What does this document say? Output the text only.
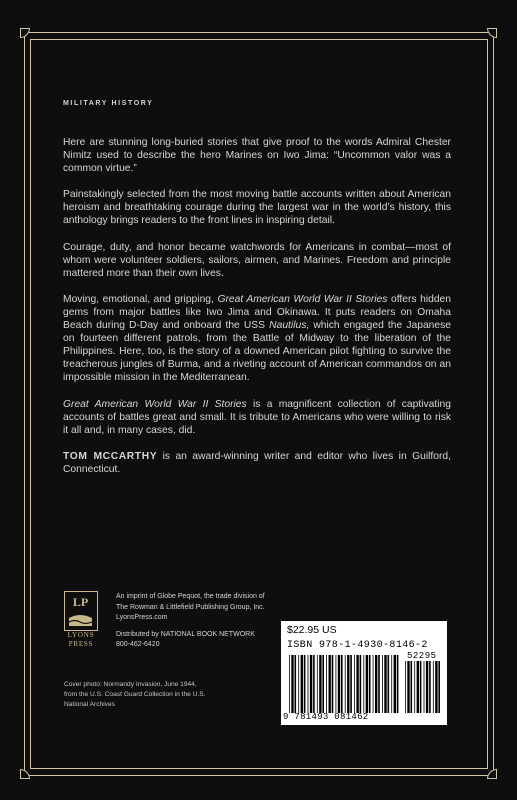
MILITARY HISTORY

Here are stunning long-buried stories that give proof to the words Admiral Chester Nimitz used to describe the hero Marines on Iwo Jima: “Uncommon valor was a common virtue.”

Painstakingly selected from the most moving battle accounts written about American heroism and breathtaking courage during the largest war in the world’s history, this anthology brings readers to the front lines in inspiring detail.

Courage, duty, and honor became watchwords for Americans in combat—most of whom were volunteer soldiers, sailors, airmen, and Marines. Freedom and principle mattered more than their own lives.

Moving, emotional, and gripping, Great American World War II Stories offers hidden gems from major battles like Iwo Jima and Okinawa. It puts readers on Omaha Beach during D-Day and onboard the USS Nautilus, which engaged the Japanese on fourteen different patrols, from the Battle of Midway to the liberation of the Philippines. Here, too, is the story of a downed American pilot fighting to survive the treacherous jungles of Burma, and a riveting account of American commandos on an impossible mission in the Mediterranean.

Great American World War II Stories is a magnificent collection of captivating accounts of battles great and small. It is tribute to Americans who were willing to risk it all and, in many cases, did.

TOM MCCARTHY is an award-winning writer and editor who lives in Guilford, Connecticut.

LP
LYONS
PRESS
An imprint of Globe Pequot, the trade division of
The Rowman & Littlefield Publishing Group, Inc.
LyonsPress.com
Distributed by NATIONAL BOOK NETWORK
800-462-6420
Cover photo: Normandy Invasion, June 1944,
from the U.S. Coast Guard Collection in the U.S.
National Archives
$22.95 US
ISBN 978-1-4930-8146-2
52295
9 781493 081462
